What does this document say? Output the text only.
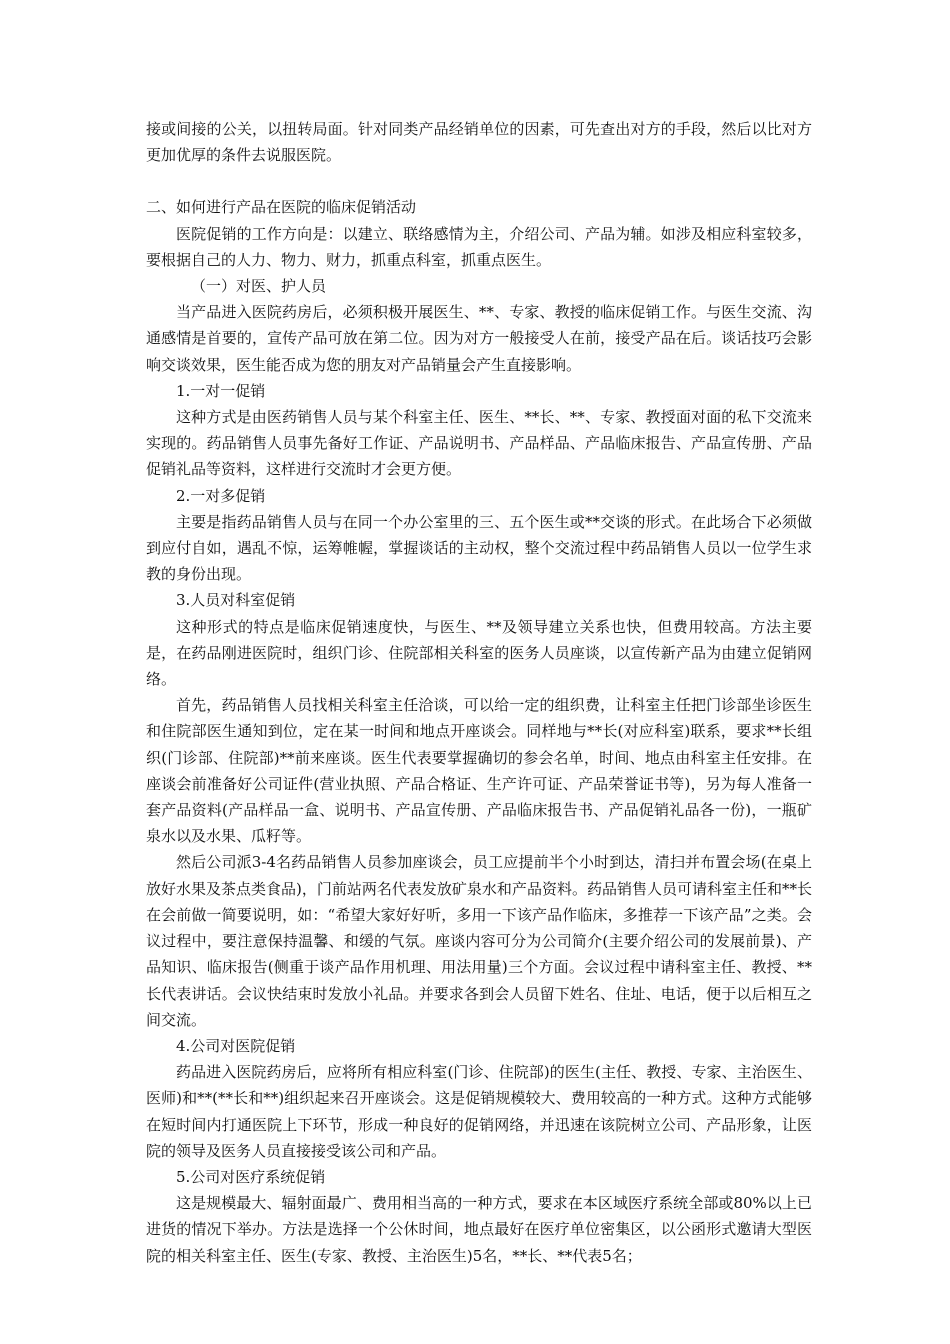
接或间接的公关，以扭转局面。针对同类产品经销单位的因素，可先查出对方的手段，然后以比对方更加优厚的条件去说服医院。

二、如何进行产品在医院的临床促销活动

医院促销的工作方向是：以建立、联络感情为主，介绍公司、产品为辅。如涉及相应科室较多，要根据自己的人力、物力、财力，抓重点科室，抓重点医生。

（一）对医、护人员

当产品进入医院药房后，必须积极开展医生、**、专家、教授的临床促销工作。与医生交流、沟通感情是首要的，宣传产品可放在第二位。因为对方一般接受人在前，接受产品在后。谈话技巧会影响交谈效果，医生能否成为您的朋友对产品销量会产生直接影响。

1.一对一促销

这种方式是由医药销售人员与某个科室主任、医生、**长、**、专家、教授面对面的私下交流来实现的。药品销售人员事先备好工作证、产品说明书、产品样品、产品临床报告、产品宣传册、产品促销礼品等资料，这样进行交流时才会更方便。

2.一对多促销

主要是指药品销售人员与在同一个办公室里的三、五个医生或**交谈的形式。在此场合下必须做到应付自如，遇乱不惊，运筹帷幄，掌握谈话的主动权，整个交流过程中药品销售人员以一位学生求教的身份出现。

3.人员对科室促销

这种形式的特点是临床促销速度快，与医生、**及领导建立关系也快，但费用较高。方法主要是，在药品刚进医院时，组织门诊、住院部相关科室的医务人员座谈，以宣传新产品为由建立促销网络。

首先，药品销售人员找相关科室主任洽谈，可以给一定的组织费，让科室主任把门诊部坐诊医生和住院部医生通知到位，定在某一时间和地点开座谈会。同样地与**长(对应科室)联系，要求**长组织(门诊部、住院部)**前来座谈。医生代表要掌握确切的参会名单，时间、地点由科室主任安排。在座谈会前准备好公司证件(营业执照、产品合格证、生产许可证、产品荣誉证书等)，另为每人准备一套产品资料(产品样品一盒、说明书、产品宣传册、产品临床报告书、产品促销礼品各一份)，一瓶矿泉水以及水果、瓜籽等。

然后公司派3-4名药品销售人员参加座谈会，员工应提前半个小时到达，清扫并布置会场(在桌上放好水果及茶点类食品)，门前站两名代表发放矿泉水和产品资料。药品销售人员可请科室主任和**长在会前做一简要说明，如：“希望大家好好听，多用一下该产品作临床，多推荐一下该产品”之类。会议过程中，要注意保持温馨、和缓的气氛。座谈内容可分为公司简介(主要介绍公司的发展前景)、产品知识、临床报告(侧重于谈产品作用机理、用法用量)三个方面。会议过程中请科室主任、教授、**长代表讲话。会议快结束时发放小礼品。并要求各到会人员留下姓名、住址、电话，便于以后相互之间交流。

4.公司对医院促销

药品进入医院药房后，应将所有相应科室(门诊、住院部)的医生(主任、教授、专家、主治医生、医师)和**(**长和**)组织起来召开座谈会。这是促销规模较大、费用较高的一种方式。这种方式能够在短时间内打通医院上下环节，形成一种良好的促销网络，并迅速在该院树立公司、产品形象，让医院的领导及医务人员直接接受该公司和产品。

5.公司对医疗系统促销

这是规模最大、辐射面最广、费用相当高的一种方式，要求在本区域医疗系统全部或80%以上已进货的情况下举办。方法是选择一个公休时间，地点最好在医疗单位密集区，以公函形式邀请大型医院的相关科室主任、医生(专家、教授、主治医生)5名，**长、**代表5名；
